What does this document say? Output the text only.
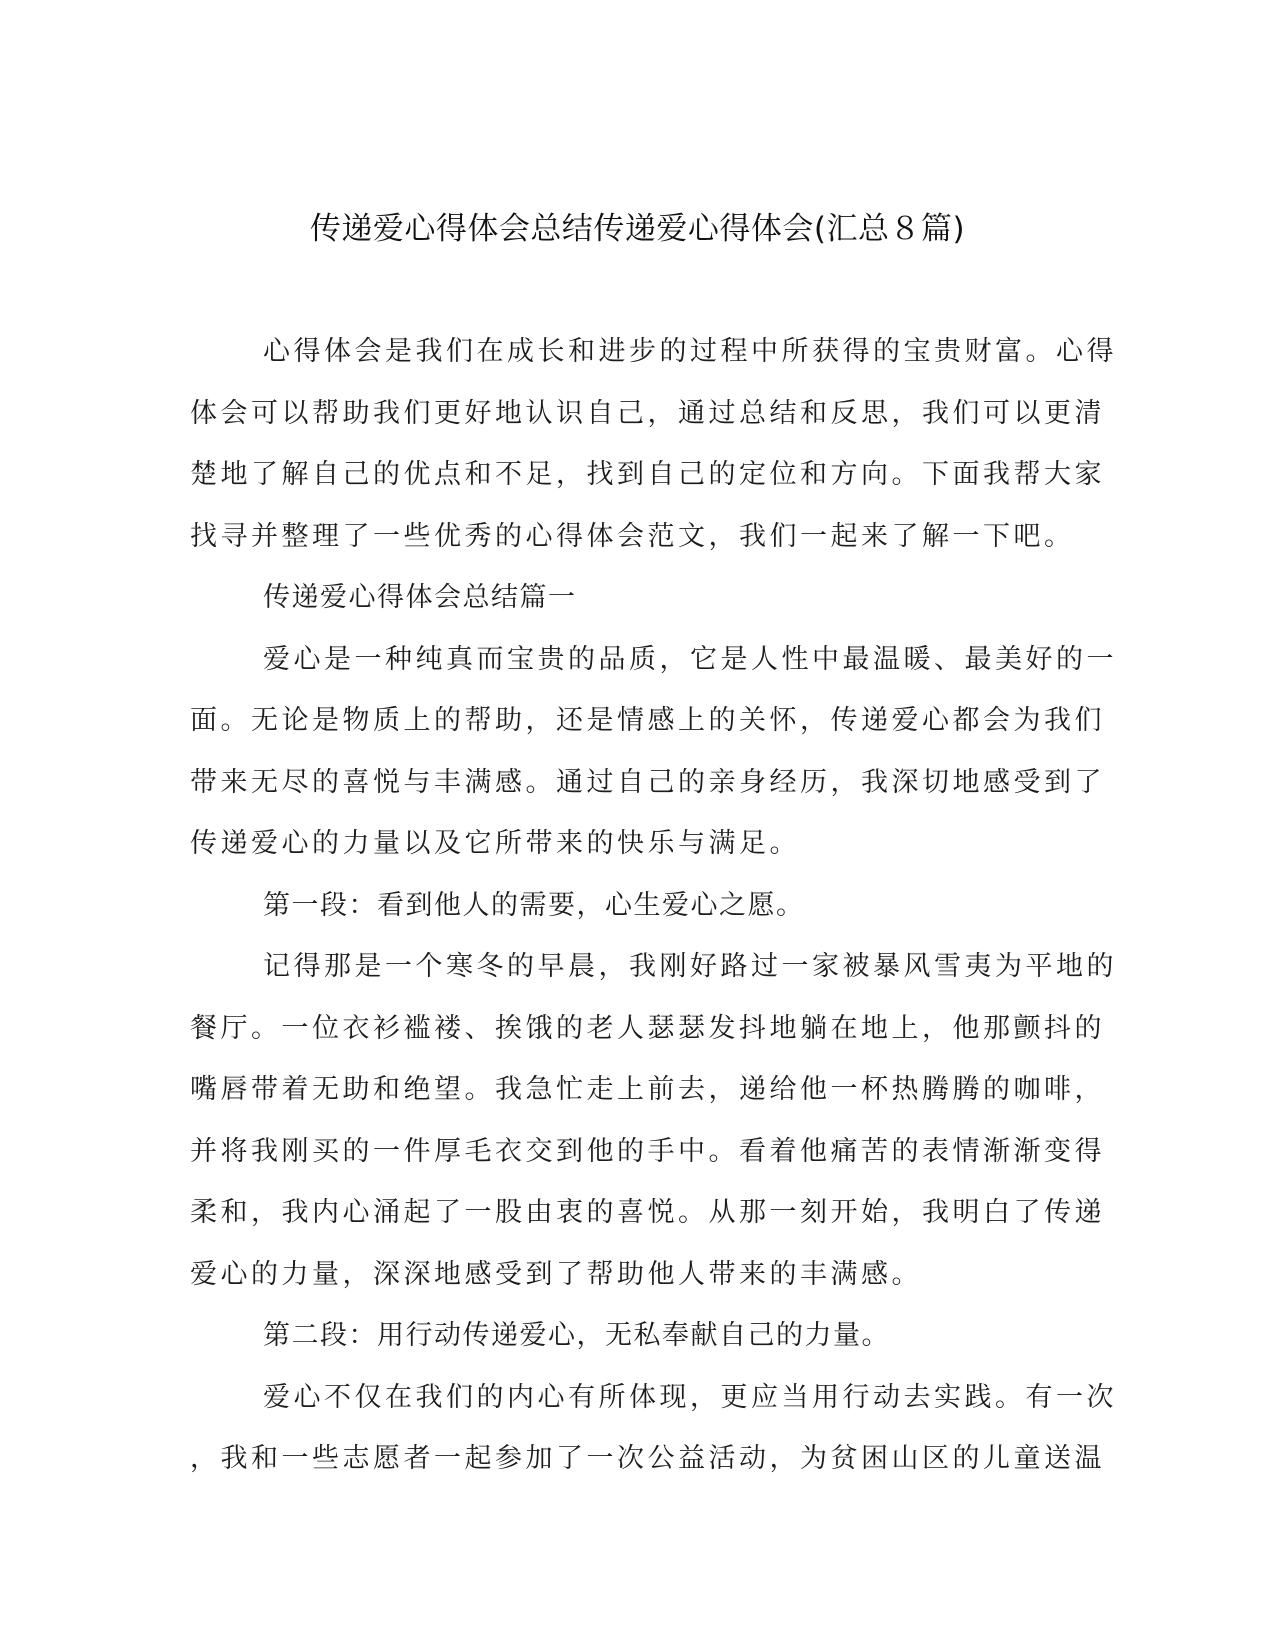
传递爱心得体会总结传递爱心得体会(汇总８篇)
心得体会是我们在成长和进步的过程中所获得的宝贵财富。心得
体会可以帮助我们更好地认识自己，通过总结和反思，我们可以更清
楚地了解自己的优点和不足，找到自己的定位和方向。下面我帮大家
找寻并整理了一些优秀的心得体会范文，我们一起来了解一下吧。
传递爱心得体会总结篇一
爱心是一种纯真而宝贵的品质，它是人性中最温暖、最美好的一
面。无论是物质上的帮助，还是情感上的关怀，传递爱心都会为我们
带来无尽的喜悦与丰满感。通过自己的亲身经历，我深切地感受到了
传递爱心的力量以及它所带来的快乐与满足。
第一段：看到他人的需要，心生爱心之愿。
记得那是一个寒冬的早晨，我刚好路过一家被暴风雪夷为平地的
餐厅。一位衣衫褴褛、挨饿的老人瑟瑟发抖地躺在地上，他那颤抖的
嘴唇带着无助和绝望。我急忙走上前去，递给他一杯热腾腾的咖啡，
并将我刚买的一件厚毛衣交到他的手中。看着他痛苦的表情渐渐变得
柔和，我内心涌起了一股由衷的喜悦。从那一刻开始，我明白了传递
爱心的力量，深深地感受到了帮助他人带来的丰满感。
第二段：用行动传递爱心，无私奉献自己的力量。
爱心不仅在我们的内心有所体现，更应当用行动去实践。有一次
，我和一些志愿者一起参加了一次公益活动，为贫困山区的儿童送温
